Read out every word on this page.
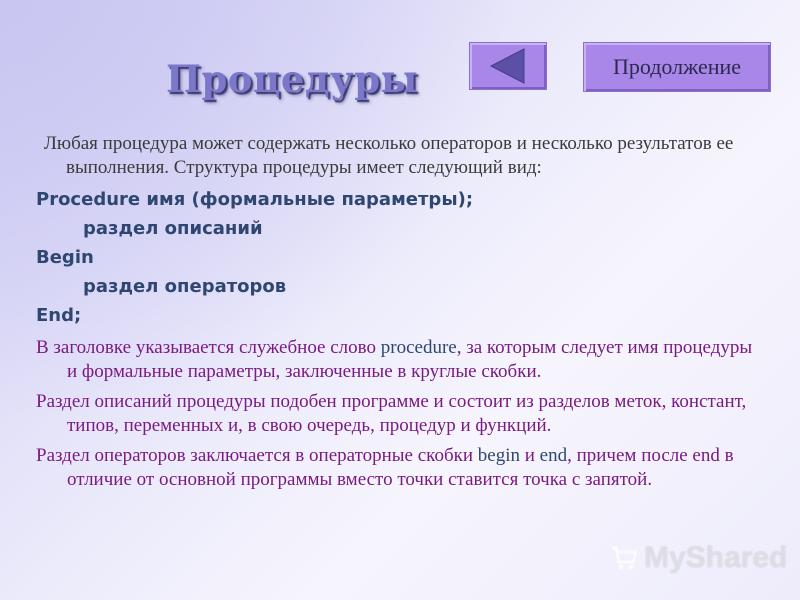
Процедуры	Продолжение

Любая процедура может содержать несколько операторов и несколько результатов ее выполнения. Структура процедуры имеет следующий вид:

Procedure имя (формальные параметры);

раздел описаний

Begin

раздел операторов

End;

В заголовке указывается служебное слово procedure, за которым следует имя процедуры и формальные параметры, заключенные в круглые скобки.

Раздел описаний процедуры подобен программе и состоит из разделов меток, констант, типов, переменных и, в свою очередь, процедур и функций.

Раздел операторов заключается в операторные скобки begin и end, причем после end в отличие от основной программы вместо точки ставится точка с запятой.

MyShared
